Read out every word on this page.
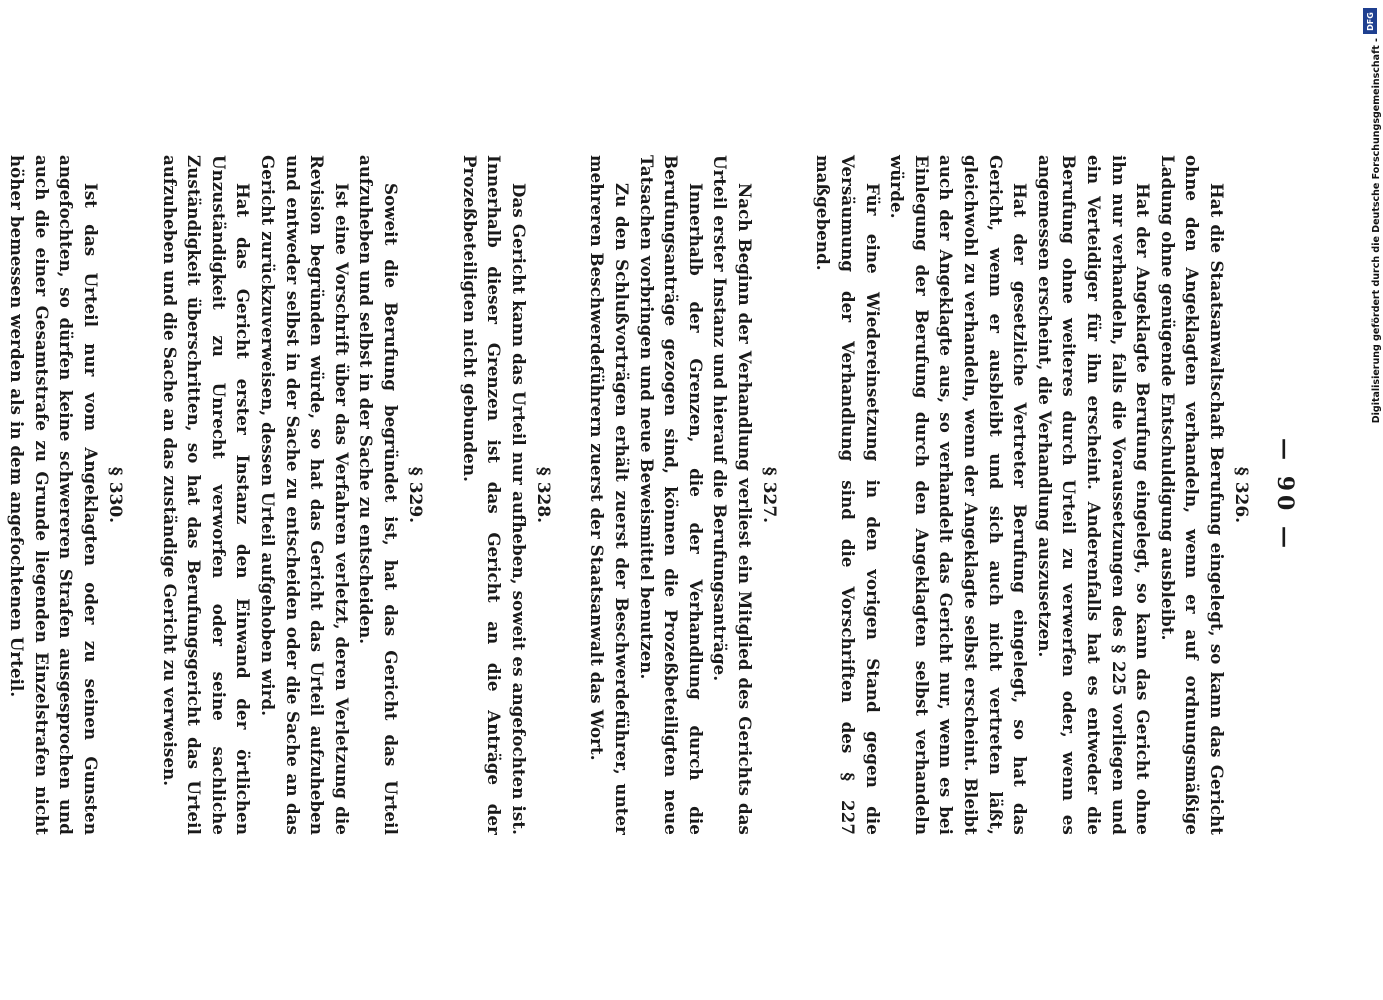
— 90 —
§ 326.

Hat die Staatsanwaltschaft Berufung eingelegt, so kann das Gericht ohne den Angeklagten verhandeln, wenn er auf ordnungsmäßige Ladung ohne genügende Entschuldigung ausbleibt.

Hat der Angeklagte Berufung eingelegt, so kann das Gericht ohne ihn nur verhandeln, falls die Voraussetzungen des § 225 vorliegen und ein Verteidiger für ihn erscheint. Anderenfalls hat es entweder die Berufung ohne weiteres durch Urteil zu verwerfen oder, wenn es angemessen erscheint, die Verhandlung auszusetzen.

Hat der gesetzliche Vertreter Berufung eingelegt, so hat das Gericht, wenn er ausbleibt und sich auch nicht vertreten läßt, gleichwohl zu verhandeln, wenn der Angeklagte selbst erscheint. Bleibt auch der Angeklagte aus, so verhandelt das Gericht nur, wenn es bei Einlegung der Berufung durch den Angeklagten selbst verhandeln würde.

Für eine Wiedereinsetzung in den vorigen Stand gegen die Versäumung der Verhandlung sind die Vorschriften des § 227 maßgebend.

§ 327.

Nach Beginn der Verhandlung verliest ein Mitglied des Gerichts das Urteil erster Instanz und hierauf die Berufungsanträge.

Innerhalb der Grenzen, die der Verhandlung durch die Berufungsanträge gezogen sind, können die Prozeßbeteiligten neue Tatsachen vorbringen und neue Beweismittel benutzen.

Zu den Schlußvorträgen erhält zuerst der Beschwerdeführer, unter mehreren Beschwerdeführern zuerst der Staatsanwalt das Wort.

§ 328.

Das Gericht kann das Urteil nur aufheben, soweit es angefochten ist. Innerhalb dieser Grenzen ist das Gericht an die Anträge der Prozeßbeteiligten nicht gebunden.

§ 329.

Soweit die Berufung begründet ist, hat das Gericht das Urteil aufzuheben und selbst in der Sache zu entscheiden.

Ist eine Vorschrift über das Verfahren verletzt, deren Verletzung die Revision begründen würde, so hat das Gericht das Urteil aufzuheben und entweder selbst in der Sache zu entscheiden oder die Sache an das Gericht zurückzuverweisen, dessen Urteil aufgehoben wird.

Hat das Gericht erster Instanz den Einwand der örtlichen Unzuständigkeit zu Unrecht verworfen oder seine sachliche Zuständigkeit überschritten, so hat das Berufungsgericht das Urteil aufzuheben und die Sache an das zuständige Gericht zu verweisen.

§ 330.

Ist das Urteil nur vom Angeklagten oder zu seinen Gunsten angefochten, so dürfen keine schwereren Strafen ausgesprochen und auch die einer Gesamtstrafe zu Grunde liegenden Einzelstrafen nicht höher bemessen werden als in dem angefochtenen Urteil.

DFG
Digitalisierung gefördert durch die Deutsche Forschungsgemeinschaft -
